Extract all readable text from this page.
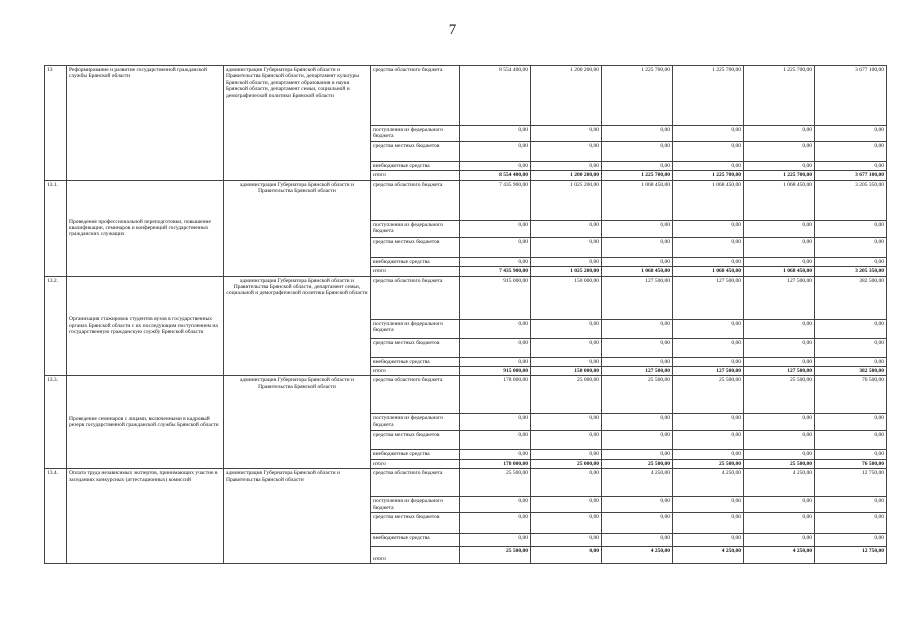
7
13	Реформирование и развитие государственной гражданской службы Брянской области	администрация Губернатора Брянской области и Правительства Брянской области, департамент культуры Брянской области, департамент образования и науки Брянской области, департамент семьи, социальной и демографической политики Брянской области	средства областного бюджета	8 554 400,00	1 200 200,00	1 225 700,00	1 225 700,00	1 225 700,00	3 677 100,00
			поступления из федерального бюджета	0,00	0,00	0,00	0,00	0,00	0,00
			средства местных бюджетов	0,00	0,00	0,00	0,00	0,00	0,00
			внебюджетные средства	0,00	0,00	0,00	0,00	0,00	0,00
			итого	8 554 400,00	1 200 200,00	1 225 700,00	1 225 700,00	1 225 700,00	3 677 100,00
13.1.	Проведение профессиональной переподготовки, повышение квалификации, семинаров и конференций государственных гражданских служащих	администрация Губернатора Брянской области и Правительства Брянской области	средства областного бюджета	7 435 900,00	1 025 200,00	1 068 450,00	1 068 450,00	1 068 450,00	3 205 350,00
			поступления из федерального бюджета	0,00	0,00	0,00	0,00	0,00	0,00
			средства местных бюджетов	0,00	0,00	0,00	0,00	0,00	0,00
			внебюджетные средства	0,00	0,00	0,00	0,00	0,00	0,00
			итого	7 435 900,00	1 025 200,00	1 068 450,00	1 068 450,00	1 068 450,00	3 205 350,00
13.2.	Организация стажировок студентов вузов в государственных органах Брянской области с их последующим поступлением на государственную гражданскую службу Брянской области	администрация Губернатора Брянской области и Правительства Брянской области, департамент семьи, социальной и демографической политики Брянской области	средства областного бюджета	915 000,00	150 000,00	127 500,00	127 500,00	127 500,00	382 500,00
			поступления из федерального бюджета	0,00	0,00	0,00	0,00	0,00	0,00
			средства местных бюджетов	0,00	0,00	0,00	0,00	0,00	0,00
			внебюджетные средства	0,00	0,00	0,00	0,00	0,00	0,00
			итого	915 000,00	150 000,00	127 500,00	127 500,00	127 500,00	382 500,00
13.3.	Проведение семинаров с лицами, включенными в кадровый резерв государственной гражданской службы Брянской области	администрация Губернатора Брянской области и Правительства Брянской области	средства областного бюджета	178 000,00	25 000,00	25 500,00	25 500,00	25 500,00	76 500,00
			поступления из федерального бюджета	0,00	0,00	0,00	0,00	0,00	0,00
			средства местных бюджетов	0,00	0,00	0,00	0,00	0,00	0,00
			внебюджетные средства	0,00	0,00	0,00	0,00	0,00	0,00
			итого	178 000,00	25 000,00	25 500,00	25 500,00	25 500,00	76 500,00
13.4.	Оплата труда независимых экспертов, принимающих участие в заседаниях конкурсных (аттестационных) комиссий	администрация Губернатора Брянской области и Правительства Брянской области	средства областного бюджета	25 500,00	0,00	4 250,00	4 250,00	4 250,00	12 750,00
			поступления из федерального бюджета	0,00	0,00	0,00	0,00	0,00	0,00
			средства местных бюджетов	0,00	0,00	0,00	0,00	0,00	0,00
			внебюджетные средства	0,00	0,00	0,00	0,00	0,00	0,00
			итого	25 500,00	0,00	4 250,00	4 250,00	4 250,00	12 750,00
